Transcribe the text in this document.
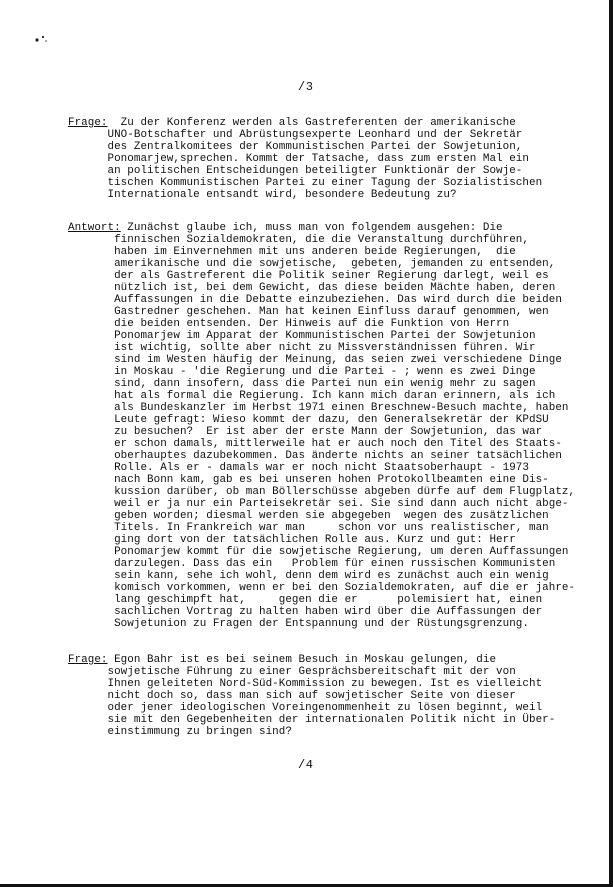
/3
Frage:  Zu der Konferenz werden als Gastreferenten der amerikanische
UNO-Botschafter und Abrüstungsexperte Leonhard und der Sekretär
des Zentralkomitees der Kommunistischen Partei der Sowjetunion,
Ponomarjew,sprechen. Kommt der Tatsache, dass zum ersten Mal ein
an politischen Entscheidungen beteiligter Funktionär der Sowje-
tischen Kommunistischen Partei zu einer Tagung der Sozialistischen
Internationale entsandt wird, besondere Bedeutung zu?
Antwort: Zunächst glaube ich, muss man von folgendem ausgehen: Die
finnischen Sozialdemokraten, die die Veranstaltung durchführen,
haben im Einvernehmen mit uns anderen beide Regierungen,  die
amerikanische und die sowjetische,  gebeten, jemanden zu entsenden,
der als Gastreferent die Politik seiner Regierung darlegt, weil es
nützlich ist, bei dem Gewicht, das diese beiden Mächte haben, deren
Auffassungen in die Debatte einzubeziehen. Das wird durch die beiden
Gastredner geschehen. Man hat keinen Einfluss darauf genommen, wen
die beiden entsenden. Der Hinweis auf die Funktion von Herrn
Ponomarjew im Apparat der Kommunistischen Partei der Sowjetunion
ist wichtig, sollte aber nicht zu Missverständnissen führen. Wir
sind im Westen häufig der Meinung, das seien zwei verschiedene Dinge
in Moskau - 'die Regierung und die Partei - ; wenn es zwei Dinge
sind, dann insofern, dass die Partei nun ein wenig mehr zu sagen
hat als formal die Regierung. Ich kann mich daran erinnern, als ich
als Bundeskanzler im Herbst 1971 einen Breschnew-Besuch machte, haben
Leute gefragt: Wieso kommt der dazu, den Generalsekretär der KPdSU
zu besuchen?  Er ist aber der erste Mann der Sowjetunion, das war
er schon damals, mittlerweile hat er auch noch den Titel des Staats-
oberhauptes dazubekommen. Das änderte nichts an seiner tatsächlichen
Rolle. Als er - damals war er noch nicht Staatsoberhaupt - 1973
nach Bonn kam, gab es bei unseren hohen Protokollbeamten eine Dis-
kussion darüber, ob man Böllerschüsse abgeben dürfe auf dem Flugplatz,
weil er ja nur ein Parteisekretär sei. Sie sind dann auch nicht abge-
geben worden; diesmal werden sie abgegeben  wegen des zusätzlichen
Titels. In Frankreich war man     schon vor uns realistischer, man
ging dort von der tatsächlichen Rolle aus. Kurz und gut: Herr
Ponomarjew kommt für die sowjetische Regierung, um deren Auffassungen
darzulegen. Dass das ein   Problem für einen russischen Kommunisten
sein kann, sehe ich wohl, denn dem wird es zunächst auch ein wenig
komisch vorkommen, wenn er bei den Sozialdemokraten, auf die er jahre-
lang geschimpft hat,     gegen die er      polemisiert hat, einen
sachlichen Vortrag zu halten haben wird über die Auffassungen der
Sowjetunion zu Fragen der Entspannung und der Rüstungsgrenzung.
Frage: Egon Bahr ist es bei seinem Besuch in Moskau gelungen, die
sowjetische Führung zu einer Gesprächsbereitschaft mit der von
Ihnen geleiteten Nord-Süd-Kommission zu bewegen. Ist es vielleicht
nicht doch so, dass man sich auf sowjetischer Seite von dieser
oder jener ideologischen Voreingenommenheit zu lösen beginnt, weil
sie mit den Gegebenheiten der internationalen Politik nicht in Über-
einstimmung zu bringen sind?
/4
